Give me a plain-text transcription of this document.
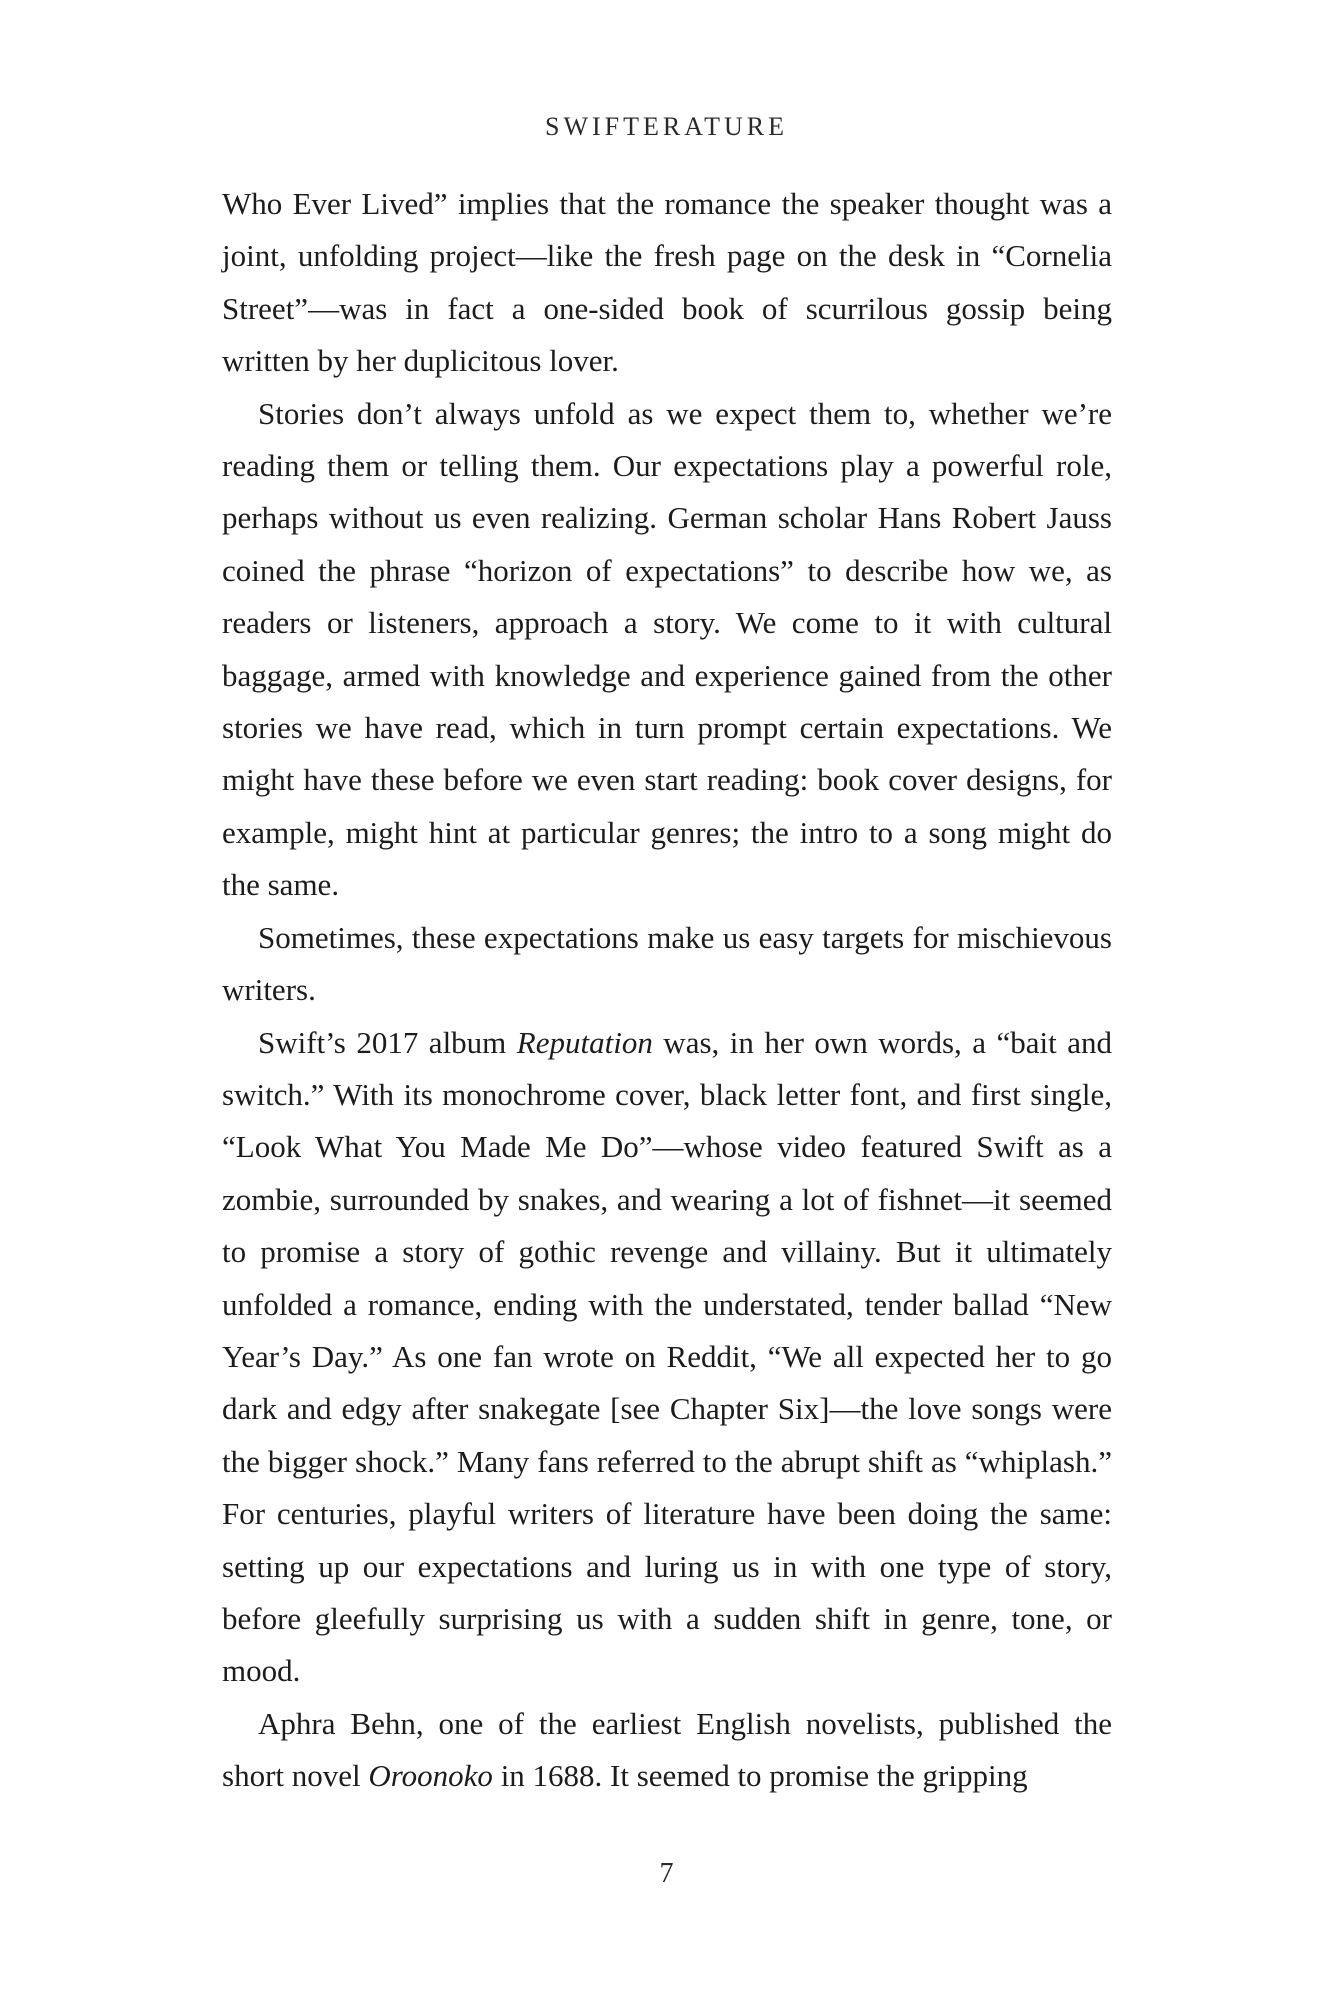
SWIFTERATURE

Who Ever Lived” implies that the romance the speaker thought was a joint, unfolding project—like the fresh page on the desk in “Cornelia Street”—was in fact a one-sided book of scurrilous gossip being written by her duplicitous lover.

Stories don’t always unfold as we expect them to, whether we’re reading them or telling them. Our expectations play a powerful role, perhaps without us even realizing. German scholar Hans Robert Jauss coined the phrase “horizon of expectations” to describe how we, as readers or listeners, approach a story. We come to it with cultural baggage, armed with knowledge and experience gained from the other stories we have read, which in turn prompt certain expectations. We might have these before we even start reading: book cover designs, for example, might hint at particular genres; the intro to a song might do the same.

Sometimes, these expectations make us easy targets for mischievous writers.

Swift’s 2017 album Reputation was, in her own words, a “bait and switch.” With its monochrome cover, black letter font, and first single, “Look What You Made Me Do”—whose video featured Swift as a zombie, surrounded by snakes, and wearing a lot of fishnet—it seemed to promise a story of gothic revenge and villainy. But it ultimately unfolded a romance, ending with the understated, tender ballad “New Year’s Day.” As one fan wrote on Reddit, “We all expected her to go dark and edgy after snakegate [see Chapter Six]—the love songs were the bigger shock.” Many fans referred to the abrupt shift as “whiplash.” For centuries, playful writers of literature have been doing the same: setting up our expectations and luring us in with one type of story, before gleefully surprising us with a sudden shift in genre, tone, or mood.

Aphra Behn, one of the earliest English novelists, published the short novel Oroonoko in 1688. It seemed to promise the gripping

7
